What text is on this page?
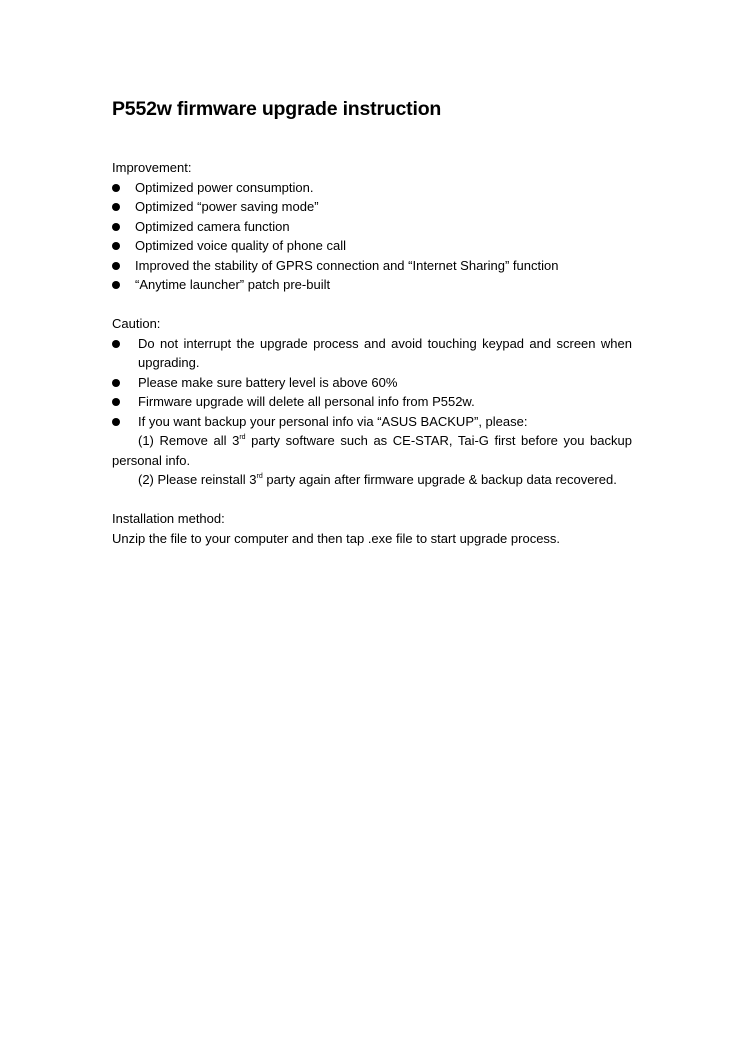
P552w firmware upgrade instruction

Improvement:

Optimized power consumption.
Optimized “power saving mode”
Optimized camera function
Optimized voice quality of phone call
Improved the stability of GPRS connection and “Internet Sharing” function
“Anytime launcher” patch pre-built

Caution:

Do not interrupt the upgrade process and avoid touching keypad and screen when upgrading.
Please make sure battery level is above 60%
Firmware upgrade will delete all personal info from P552w.
If you want backup your personal info via “ASUS BACKUP”, please:

(1) Remove all 3rd party software such as CE-STAR, Tai-G first before you backup personal info.

(2) Please reinstall 3rd party again after firmware upgrade & backup data recovered.

Installation method:

Unzip the file to your computer and then tap .exe file to start upgrade process.
